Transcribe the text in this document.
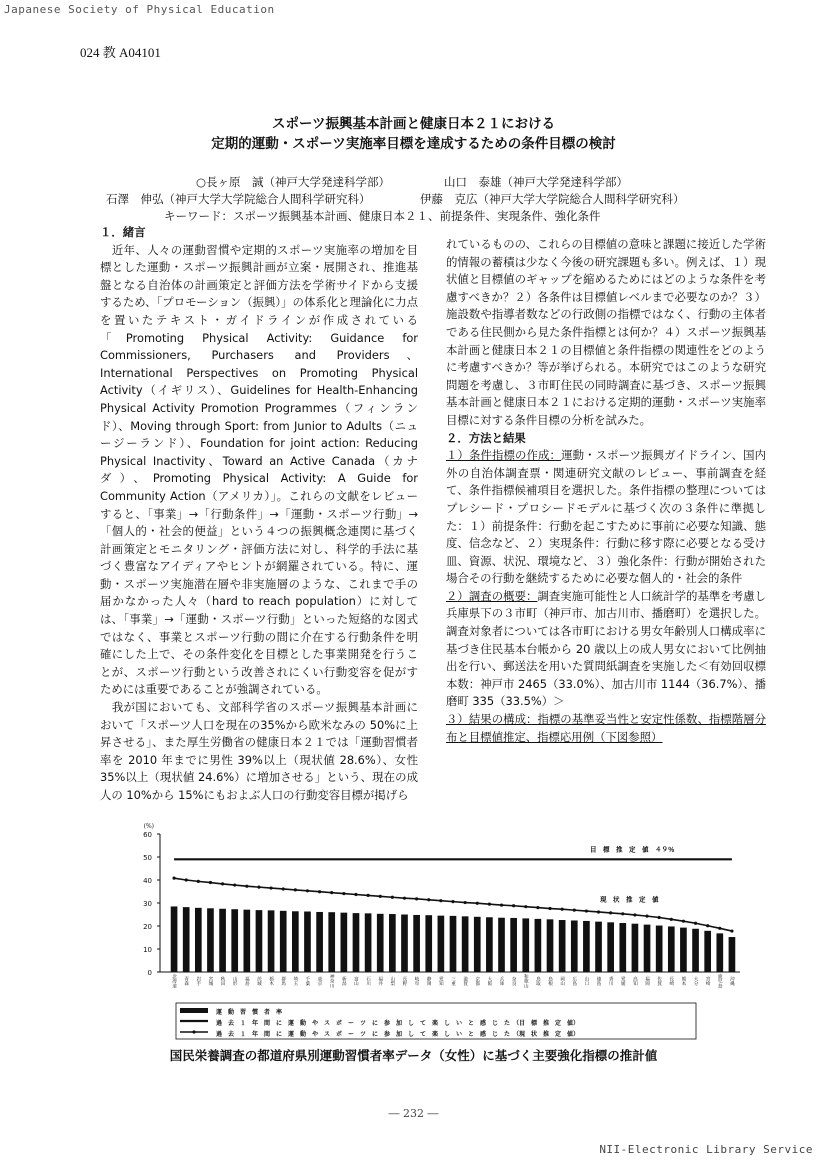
Japanese Society of Physical Education
024 教 A04101
スポーツ振興基本計画と健康日本２１における
定期的運動・スポーツ実施率目標を達成するための条件目標の検討
○長ヶ原　誠（神戸大学発達科学部）	山口　泰雄（神戸大学発達科学部）
石澤　伸弘（神戸大学大学院総合人間科学研究科）	伊藤　克広（神戸大学大学院総合人間科学研究科）
キーワード：スポーツ振興基本計画、健康日本２１、前提条件、実現条件、強化条件

１．緒言

　近年、人々の運動習慣や定期的スポーツ実施率の増加を目標とした運動・スポーツ振興計画が立案・展開され、推進基盤となる自治体の計画策定と評価方法を学術サイドから支援するため、「プロモーション（振興）」の体系化と理論化に力点を置いたテキスト・ガイドラインが作成されている「Promoting Physical Activity: Guidance for Commissioners, Purchasers and Providers、International Perspectives on Promoting Physical Activity（イギリス）、Guidelines for Health-Enhancing Physical Activity Promotion Programmes（フィンランド）、Moving through Sport: from Junior to Adults（ニュージーランド）、Foundation for joint action: Reducing Physical Inactivity、Toward an Active Canada（カナダ）、Promoting Physical Activity: A Guide for Community Action（アメリカ）」。これらの文献をレビューすると、「事業」→「行動条件」→「運動・スポーツ行動」→「個人的・社会的便益」という４つの振興概念連関に基づく計画策定とモニタリング・評価方法に対し、科学的手法に基づく豊富なアイディアやヒントが網羅されている。特に、運動・スポーツ実施潜在層や非実施層のような、これまで手の届かなかった人々（hard to reach population）に対しては、「事業」→「運動・スポーツ行動」といった短絡的な図式ではなく、事業とスポーツ行動の間に介在する行動条件を明確にした上で、その条件変化を目標とした事業開発を行うことが、スポーツ行動という改善されにくい行動変容を促がすためには重要であることが強調されている。

　我が国においても、文部科学省のスポーツ振興基本計画において「スポーツ人口を現在の35%から欧米なみの 50%に上昇させる」、また厚生労働省の健康日本２１では「運動習慣者率を 2010 年までに男性 39%以上（現状値 28.6%）、女性 35%以上（現状値 24.6%）に増加させる」という、現在の成人の 10%から 15%にもおよぶ人口の行動変容目標が掲げら

れているものの、これらの目標値の意味と課題に接近した学術的情報の蓄積は少なく今後の研究課題も多い。例えば、１）現状値と目標値のギャップを縮めるためにはどのような条件を考慮すべきか？２）各条件は目標値レベルまで必要なのか？３）施設数や指導者数などの行政側の指標ではなく、行動の主体者である住民側から見た条件指標とは何か？４）スポーツ振興基本計画と健康日本２１の目標値と条件指標の関連性をどのように考慮すべきか？等が挙げられる。本研究ではこのような研究問題を考慮し、３市町住民の同時調査に基づき、スポーツ振興基本計画と健康日本２１における定期的運動・スポーツ実施率目標に対する条件目標の分析を試みた。

２．方法と結果

１）条件指標の作成：運動・スポーツ振興ガイドライン、国内外の自治体調査票・関連研究文献のレビュー、事前調査を経て、条件指標候補項目を選択した。条件指標の整理についてはプレシード・プロシードモデルに基づく次の３条件に準拠した：１）前提条件：行動を起こすために事前に必要な知識、態度、信念など、２）実現条件：行動に移す際に必要となる受け皿、資源、状況、環境など、３）強化条件：行動が開始された場合その行動を継続するために必要な個人的・社会的条件

２）調査の概要：調査実施可能性と人口統計学的基準を考慮し兵庫県下の３市町（神戸市、加古川市、播磨町）を選択した。調査対象者については各市町における男女年齢別人口構成率に基づき住民基本台帳から 20 歳以上の成人男女において比例抽出を行い、郵送法を用いた質問紙調査を実施した＜有効回収標本数：神戸市 2465（33.0%）、加古川市 1144（36.7%）、播磨町 335（33.5%）＞

３）結果の構成：指標の基準妥当性と安定性係数、指標階層分布と目標値推定、指標応用例（下図参照）

(%)
0
10
20
30
40
50
60
目　標　推　定　値　４９％
現　状　推　定　値
北海道 青森 岩手 宮城 秋田 山形 福島 茨城 栃木 群馬 埼玉 千葉 東京 神奈川 新潟 富山 石川 福井 山梨 長野 岐阜 静岡 愛知 三重 滋賀 京都 大阪 兵庫 奈良 和歌山 鳥取 島根 岡山 広島 山口 徳島 香川 愛媛 高知 福岡 佐賀 長崎 熊本 大分 宮崎 鹿児島 沖縄
運　動　習　慣　者　率
過　去　１　年　間　に　運　動　や　ス　ポ　ー　ツ　に　参　加　し　て　楽　し　い　と　感　じ　た　（目　標　推　定　値）
過　去　１　年　間　に　運　動　や　ス　ポ　ー　ツ　に　参　加　し　て　楽　し　い　と　感　じ　た　（現　状　推　定　値）
国民栄養調査の都道府県別運動習慣者率データ（女性）に基づく主要強化指標の推計値
― 232 ―
NII-Electronic Library Service
